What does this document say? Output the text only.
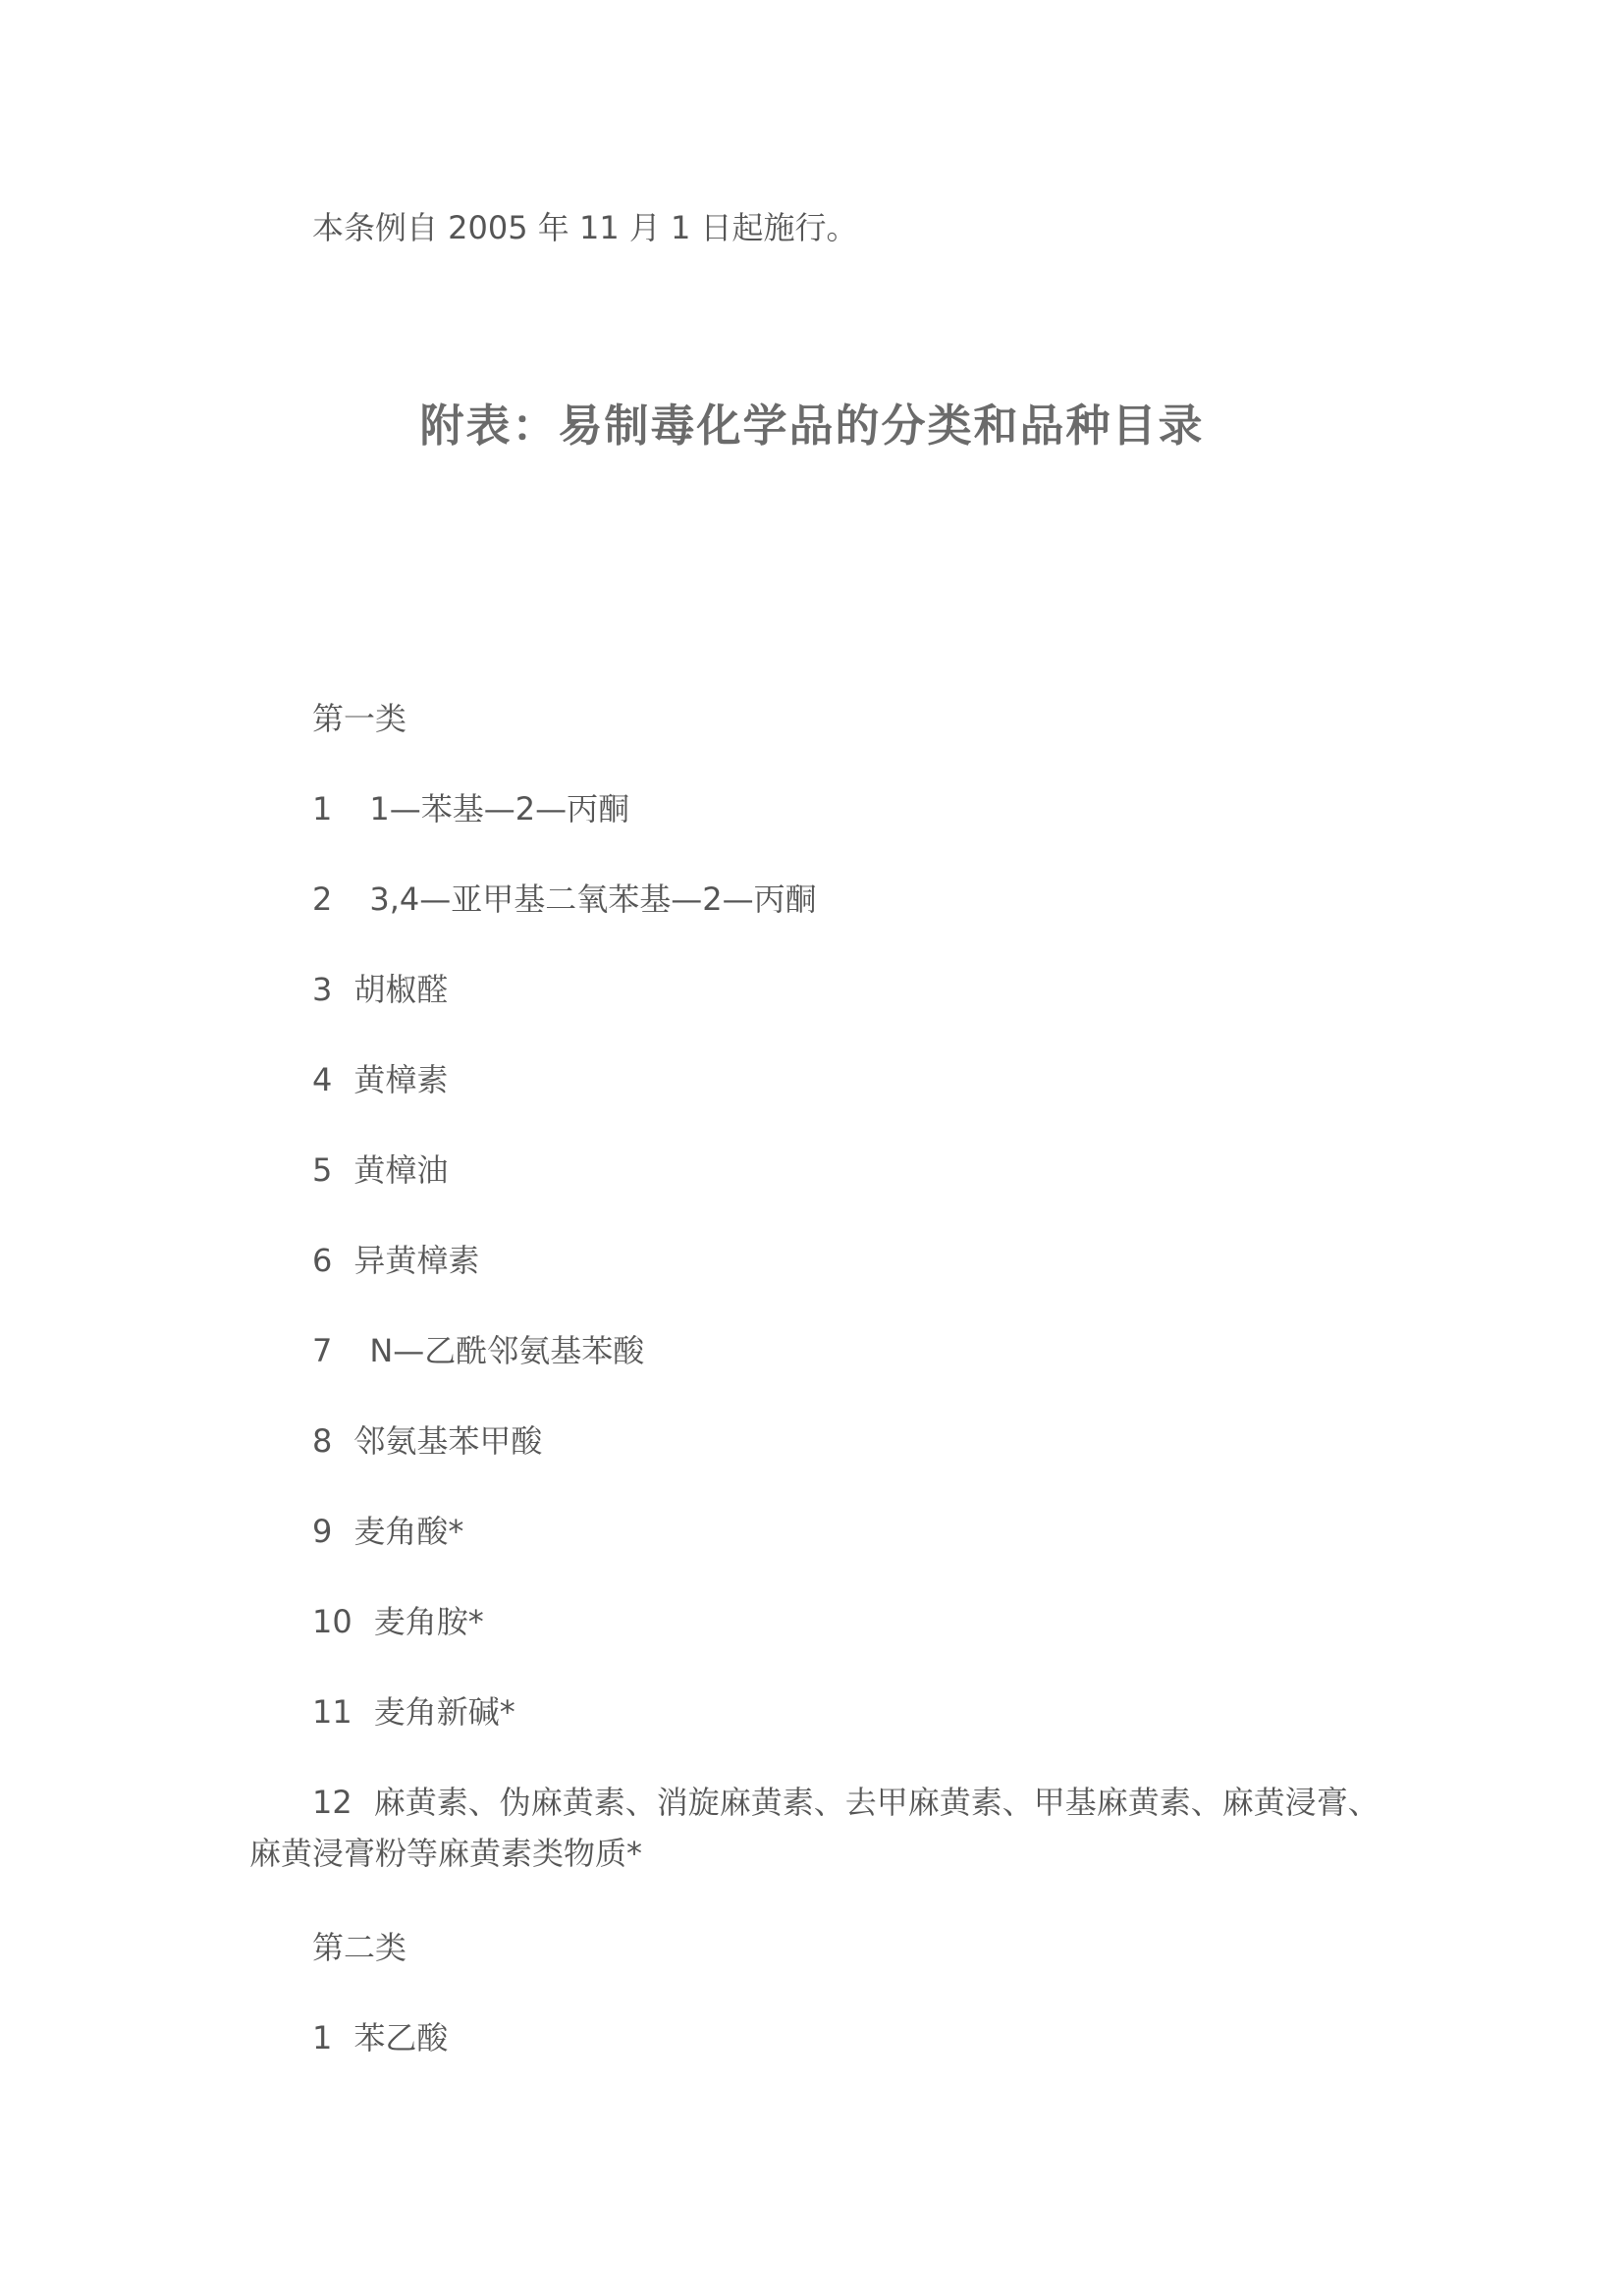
本条例自 2005 年 11 月 1 日起施行。
附表：易制毒化学品的分类和品种目录
第一类
1 1—苯基—2—丙酮
2 3,4—亚甲基二氧苯基—2—丙酮
3 胡椒醛
4 黄樟素
5 黄樟油
6 异黄樟素
7 N—乙酰邻氨基苯酸
8 邻氨基苯甲酸
9 麦角酸*
10 麦角胺*
11 麦角新碱*
12 麻黄素、伪麻黄素、消旋麻黄素、去甲麻黄素、甲基麻黄素、麻黄浸膏、麻黄浸膏粉等麻黄素类物质*
第二类
1 苯乙酸
